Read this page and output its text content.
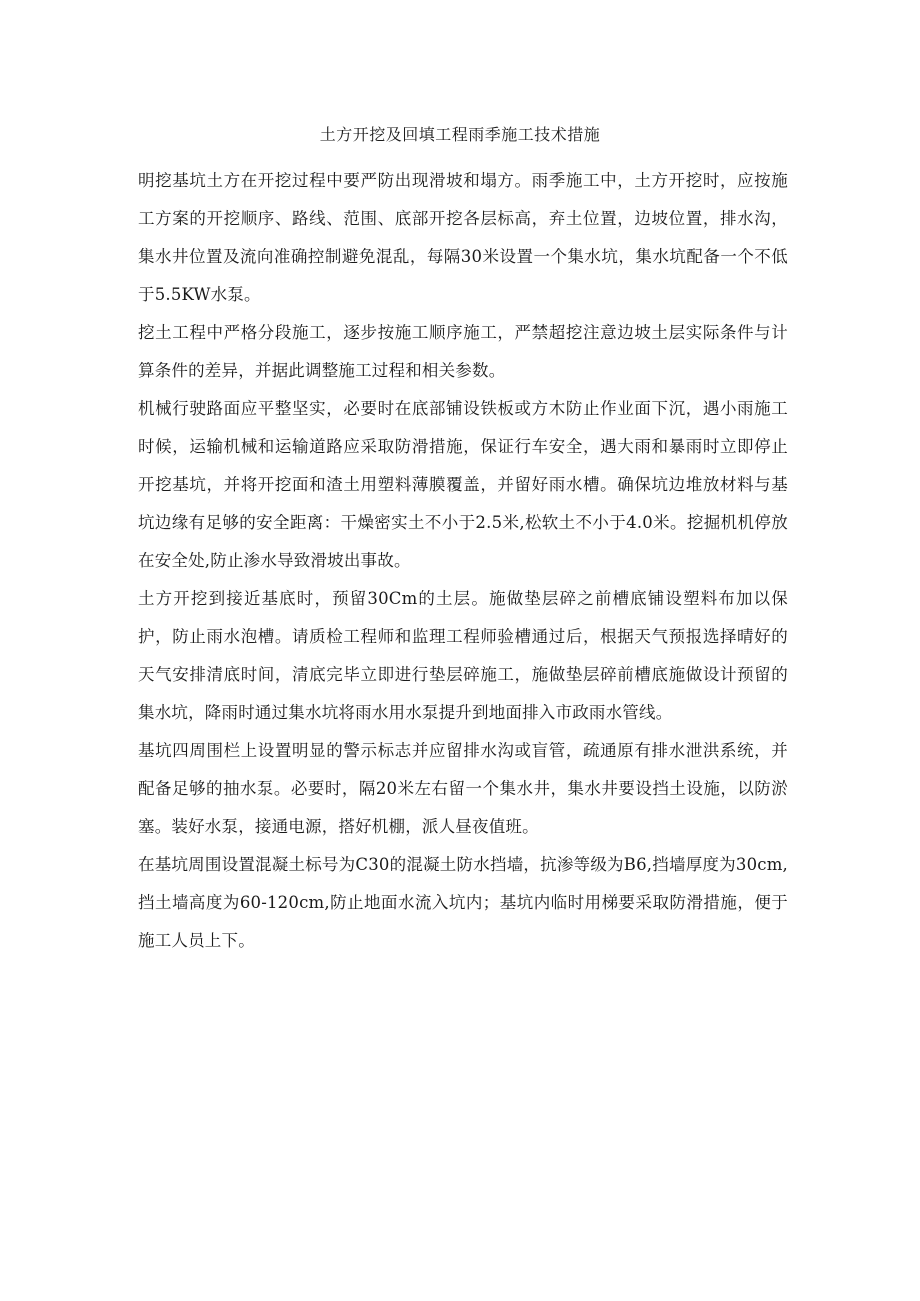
土方开挖及回填工程雨季施工技术措施

明挖基坑土方在开挖过程中要严防出现滑坡和塌方。雨季施工中，土方开挖时，应按施工方案的开挖顺序、路线、范围、底部开挖各层标高，弃土位置，边坡位置，排水沟，集水井位置及流向准确控制避免混乱，每隔30米设置一个集水坑，集水坑配备一个不低于5.5KW水泵。

挖土工程中严格分段施工，逐步按施工顺序施工，严禁超挖注意边坡土层实际条件与计算条件的差异，并据此调整施工过程和相关参数。

机械行驶路面应平整坚实，必要时在底部铺设铁板或方木防止作业面下沉，遇小雨施工时候，运输机械和运输道路应采取防滑措施，保证行车安全，遇大雨和暴雨时立即停止开挖基坑，并将开挖面和渣土用塑料薄膜覆盖，并留好雨水槽。确保坑边堆放材料与基坑边缘有足够的安全距离：干燥密实土不小于2.5米,松软土不小于4.0米。挖掘机机停放在安全处,防止渗水导致滑坡出事故。

土方开挖到接近基底时，预留30Cm的土层。施做垫层碎之前槽底铺设塑料布加以保护，防止雨水泡槽。请质检工程师和监理工程师验槽通过后，根据天气预报选择晴好的天气安排清底时间，清底完毕立即进行垫层碎施工，施做垫层碎前槽底施做设计预留的集水坑，降雨时通过集水坑将雨水用水泵提升到地面排入市政雨水管线。

基坑四周围栏上设置明显的警示标志并应留排水沟或盲管，疏通原有排水泄洪系统，并配备足够的抽水泵。必要时，隔20米左右留一个集水井，集水井要设挡土设施，以防淤塞。装好水泵，接通电源，搭好机棚，派人昼夜值班。

在基坑周围设置混凝土标号为C30的混凝土防水挡墙，抗渗等级为B6,挡墙厚度为30cm,挡土墙高度为60-120cm,防止地面水流入坑内；基坑内临时用梯要采取防滑措施，便于施工人员上下。
